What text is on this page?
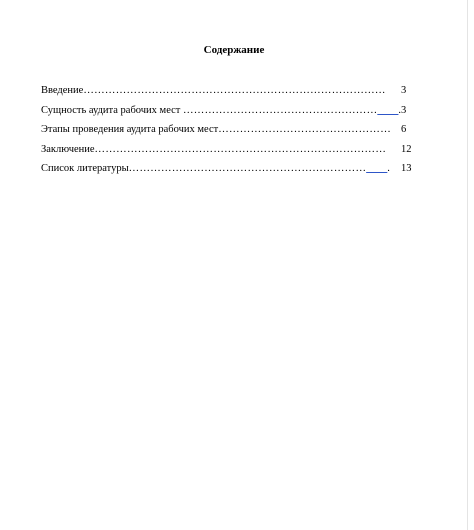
Содержание
Введение…………………………………………………………………………	3
Сущность аудита рабочих мест ………………………………………………____. 3
Этапы проведения аудита рабочих мест………………………………………… 6
Заключение………………………………………………………………………	12
Список литературы…………………………………………………………____.	13
